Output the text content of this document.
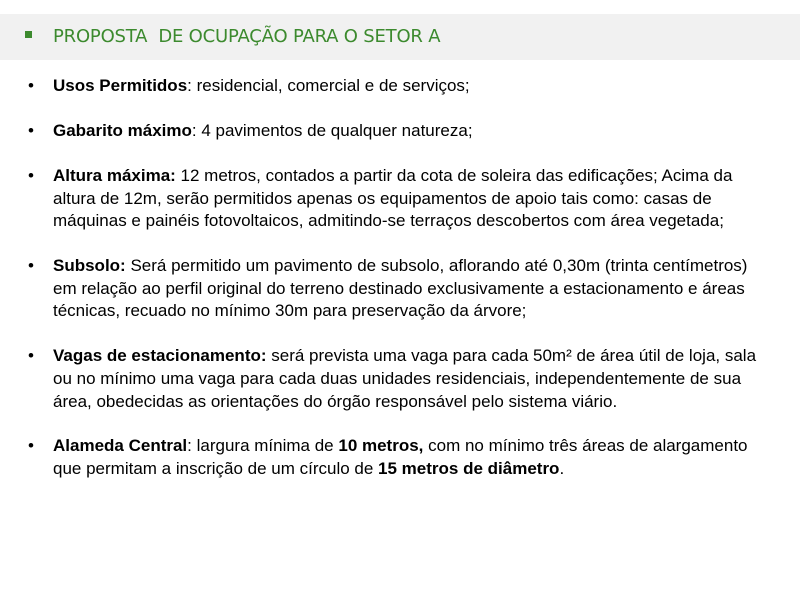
PROPOSTA  DE OCUPAÇÃO PARA O SETOR A
• Usos Permitidos: residencial, comercial e de serviços;
• Gabarito máximo: 4 pavimentos de qualquer natureza;
• Altura máxima: 12 metros, contados a partir da cota de soleira das edificações; Acima da altura de 12m, serão permitidos apenas os equipamentos de apoio tais como: casas de máquinas e painéis fotovoltaicos, admitindo-se terraços descobertos com área vegetada;
• Subsolo: Será permitido um pavimento de subsolo, aflorando até 0,30m (trinta centímetros) em relação ao perfil original do terreno destinado exclusivamente a estacionamento e áreas técnicas, recuado no mínimo 30m para preservação da árvore;
• Vagas de estacionamento: será prevista uma vaga para cada 50m² de área útil de loja, sala ou no mínimo uma vaga para cada duas unidades residenciais, independentemente de sua área, obedecidas as orientações do órgão responsável pelo sistema viário.
• Alameda Central: largura mínima de 10 metros, com no mínimo três áreas de alargamento que permitam a inscrição de um círculo de 15 metros de diâmetro.
